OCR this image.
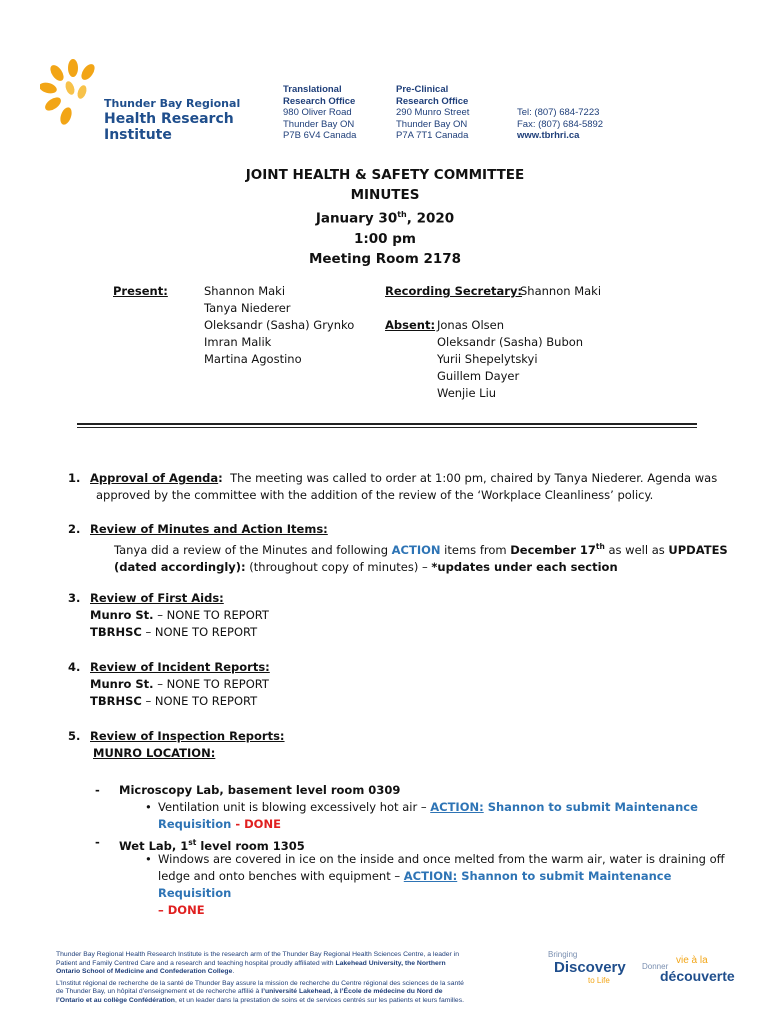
Thunder Bay Regional
Health Research
Institute
Translational
Research Office
980 Oliver Road
Thunder Bay ON
P7B 6V4 Canada
Pre-Clinical
Research Office
290 Munro Street
Thunder Bay ON
P7A 7T1 Canada
Tel: (807) 684-7223
Fax: (807) 684-5892
www.tbrhri.ca
JOINT HEALTH & SAFETY COMMITTEE
MINUTES
January 30th, 2020
1:00 pm
Meeting Room 2178
Present:	Shannon Maki
Tanya Niederer
Oleksandr (Sasha) Grynko
Imran Malik
Martina Agostino
Recording Secretary:
Shannon Maki
Absent: Jonas Olsen
Oleksandr (Sasha) Bubon
Yurii Shepelytskyi
Guillem Dayer
Wenjie Liu
1. Approval of Agenda: The meeting was called to order at 1:00 pm, chaired by Tanya Niederer. Agenda was
approved by the committee with the addition of the review of the ‘Workplace Cleanliness’ policy.
2. Review of Minutes and Action Items:
Tanya did a review of the Minutes and following ACTION items from December 17th as well as UPDATES
(dated accordingly): (throughout copy of minutes) – *updates under each section
3. Review of First Aids:
Munro St. – NONE TO REPORT
TBRHSC – NONE TO REPORT
4. Review of Incident Reports:
Munro St. – NONE TO REPORT
TBRHSC – NONE TO REPORT
5. Review of Inspection Reports:
MUNRO LOCATION:
- Microscopy Lab, basement level room 0309
• Ventilation unit is blowing excessively hot air – ACTION: Shannon to submit Maintenance
Requisition - DONE
- Wet Lab, 1st level room 1305
• Windows are covered in ice on the inside and once melted from the warm air, water is draining off
ledge and onto benches with equipment – ACTION: Shannon to submit Maintenance Requisition
– DONE
Thunder Bay Regional Health Research Institute is the research arm of the Thunder Bay Regional Health Sciences Centre, a leader in
Patient and Family Centred Care and a research and teaching hospital proudly affiliated with Lakehead University, the Northern
Ontario School of Medicine and Confederation College.
L’Institut régional de recherche de la santé de Thunder Bay assure la mission de recherche du Centre régional des sciences de la santé
de Thunder Bay, un hôpital d’enseignement et de recherche affilié à l’université Lakehead, à l’École de médecine du Nord de
l’Ontario et au collège Confédération, et un leader dans la prestation de soins et de services centrés sur les patients et leurs familles.
Bringing
Discovery
to Life
Donner
vie à la
découverte
